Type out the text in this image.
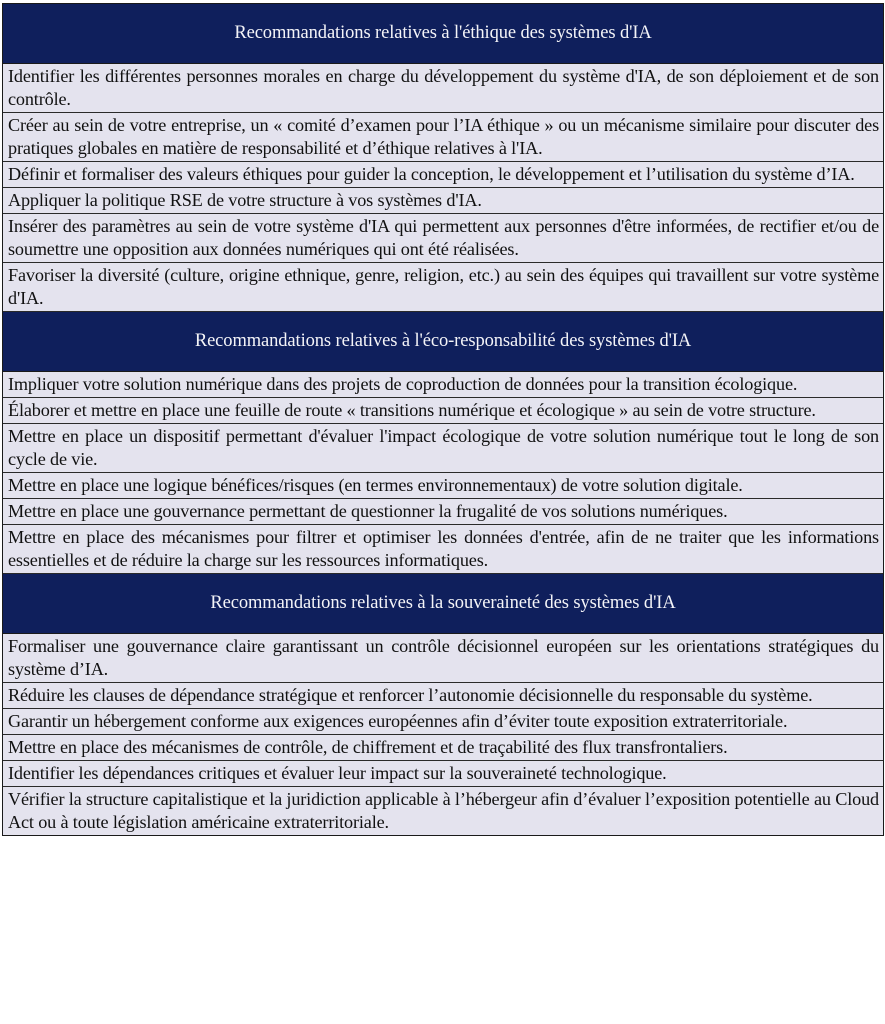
Recommandations relatives à l'éthique des systèmes d'IA
Identifier les différentes personnes morales en charge du développement du système d'IA, de son déploiement et de son contrôle.
Créer au sein de votre entreprise, un « comité d’examen pour l’IA éthique » ou un mécanisme similaire pour discuter des pratiques globales en matière de responsabilité et d’éthique relatives à l'IA.
Définir et formaliser des valeurs éthiques pour guider la conception, le développement et l’utilisation du système d’IA.
Appliquer la politique RSE de votre structure à vos systèmes d'IA.
Insérer des paramètres au sein de votre système d'IA qui permettent aux personnes d'être informées, de rectifier et/ou de soumettre une opposition aux données numériques qui ont été réalisées.
Favoriser la diversité (culture, origine ethnique, genre, religion, etc.) au sein des équipes qui travaillent sur votre système d'IA.
Recommandations relatives à l'éco-responsabilité des systèmes d'IA
Impliquer votre solution numérique dans des projets de coproduction de données pour la transition écologique.
Élaborer et mettre en place une feuille de route « transitions numérique et écologique » au sein de votre structure.
Mettre en place un dispositif permettant d'évaluer l'impact écologique de votre solution numérique tout le long de son cycle de vie.
Mettre en place une logique bénéfices/risques (en termes environnementaux) de votre solution digitale.
Mettre en place une gouvernance permettant de questionner la frugalité de vos solutions numériques.
Mettre en place des mécanismes pour filtrer et optimiser les données d'entrée, afin de ne traiter que les informations essentielles et de réduire la charge sur les ressources informatiques.
Recommandations relatives à la souveraineté des systèmes d'IA
Formaliser une gouvernance claire garantissant un contrôle décisionnel européen sur les orientations stratégiques du système d’IA.
Réduire les clauses de dépendance stratégique et renforcer l’autonomie décisionnelle du responsable du système.
Garantir un hébergement conforme aux exigences européennes afin d’éviter toute exposition extraterritoriale.
Mettre en place des mécanismes de contrôle, de chiffrement et de traçabilité des flux transfrontaliers.
Identifier les dépendances critiques et évaluer leur impact sur la souveraineté technologique.
Vérifier la structure capitalistique et la juridiction applicable à l’hébergeur afin d’évaluer l’exposition potentielle au Cloud Act ou à toute législation américaine extraterritoriale.
